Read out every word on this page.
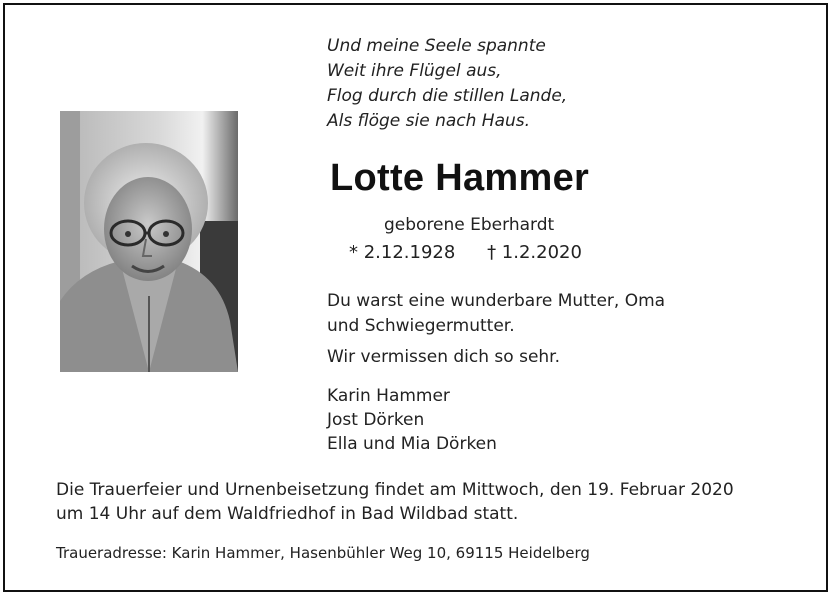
Und meine Seele spannte
Weit ihre Flügel aus,
Flog durch die stillen Lande,
Als flöge sie nach Haus.
Lotte Hammer
geborene Eberhardt
* 2.12.1928 † 1.2.2020
Du warst eine wunderbare Mutter, Oma
und Schwiegermutter.
Wir vermissen dich so sehr.
Karin Hammer
Jost Dörken
Ella und Mia Dörken
Die Trauerfeier und Urnenbeisetzung findet am Mittwoch, den 19. Februar 2020
um 14 Uhr auf dem Waldfriedhof in Bad Wildbad statt.
Traueradresse: Karin Hammer, Hasenbühler Weg 10, 69115 Heidelberg
